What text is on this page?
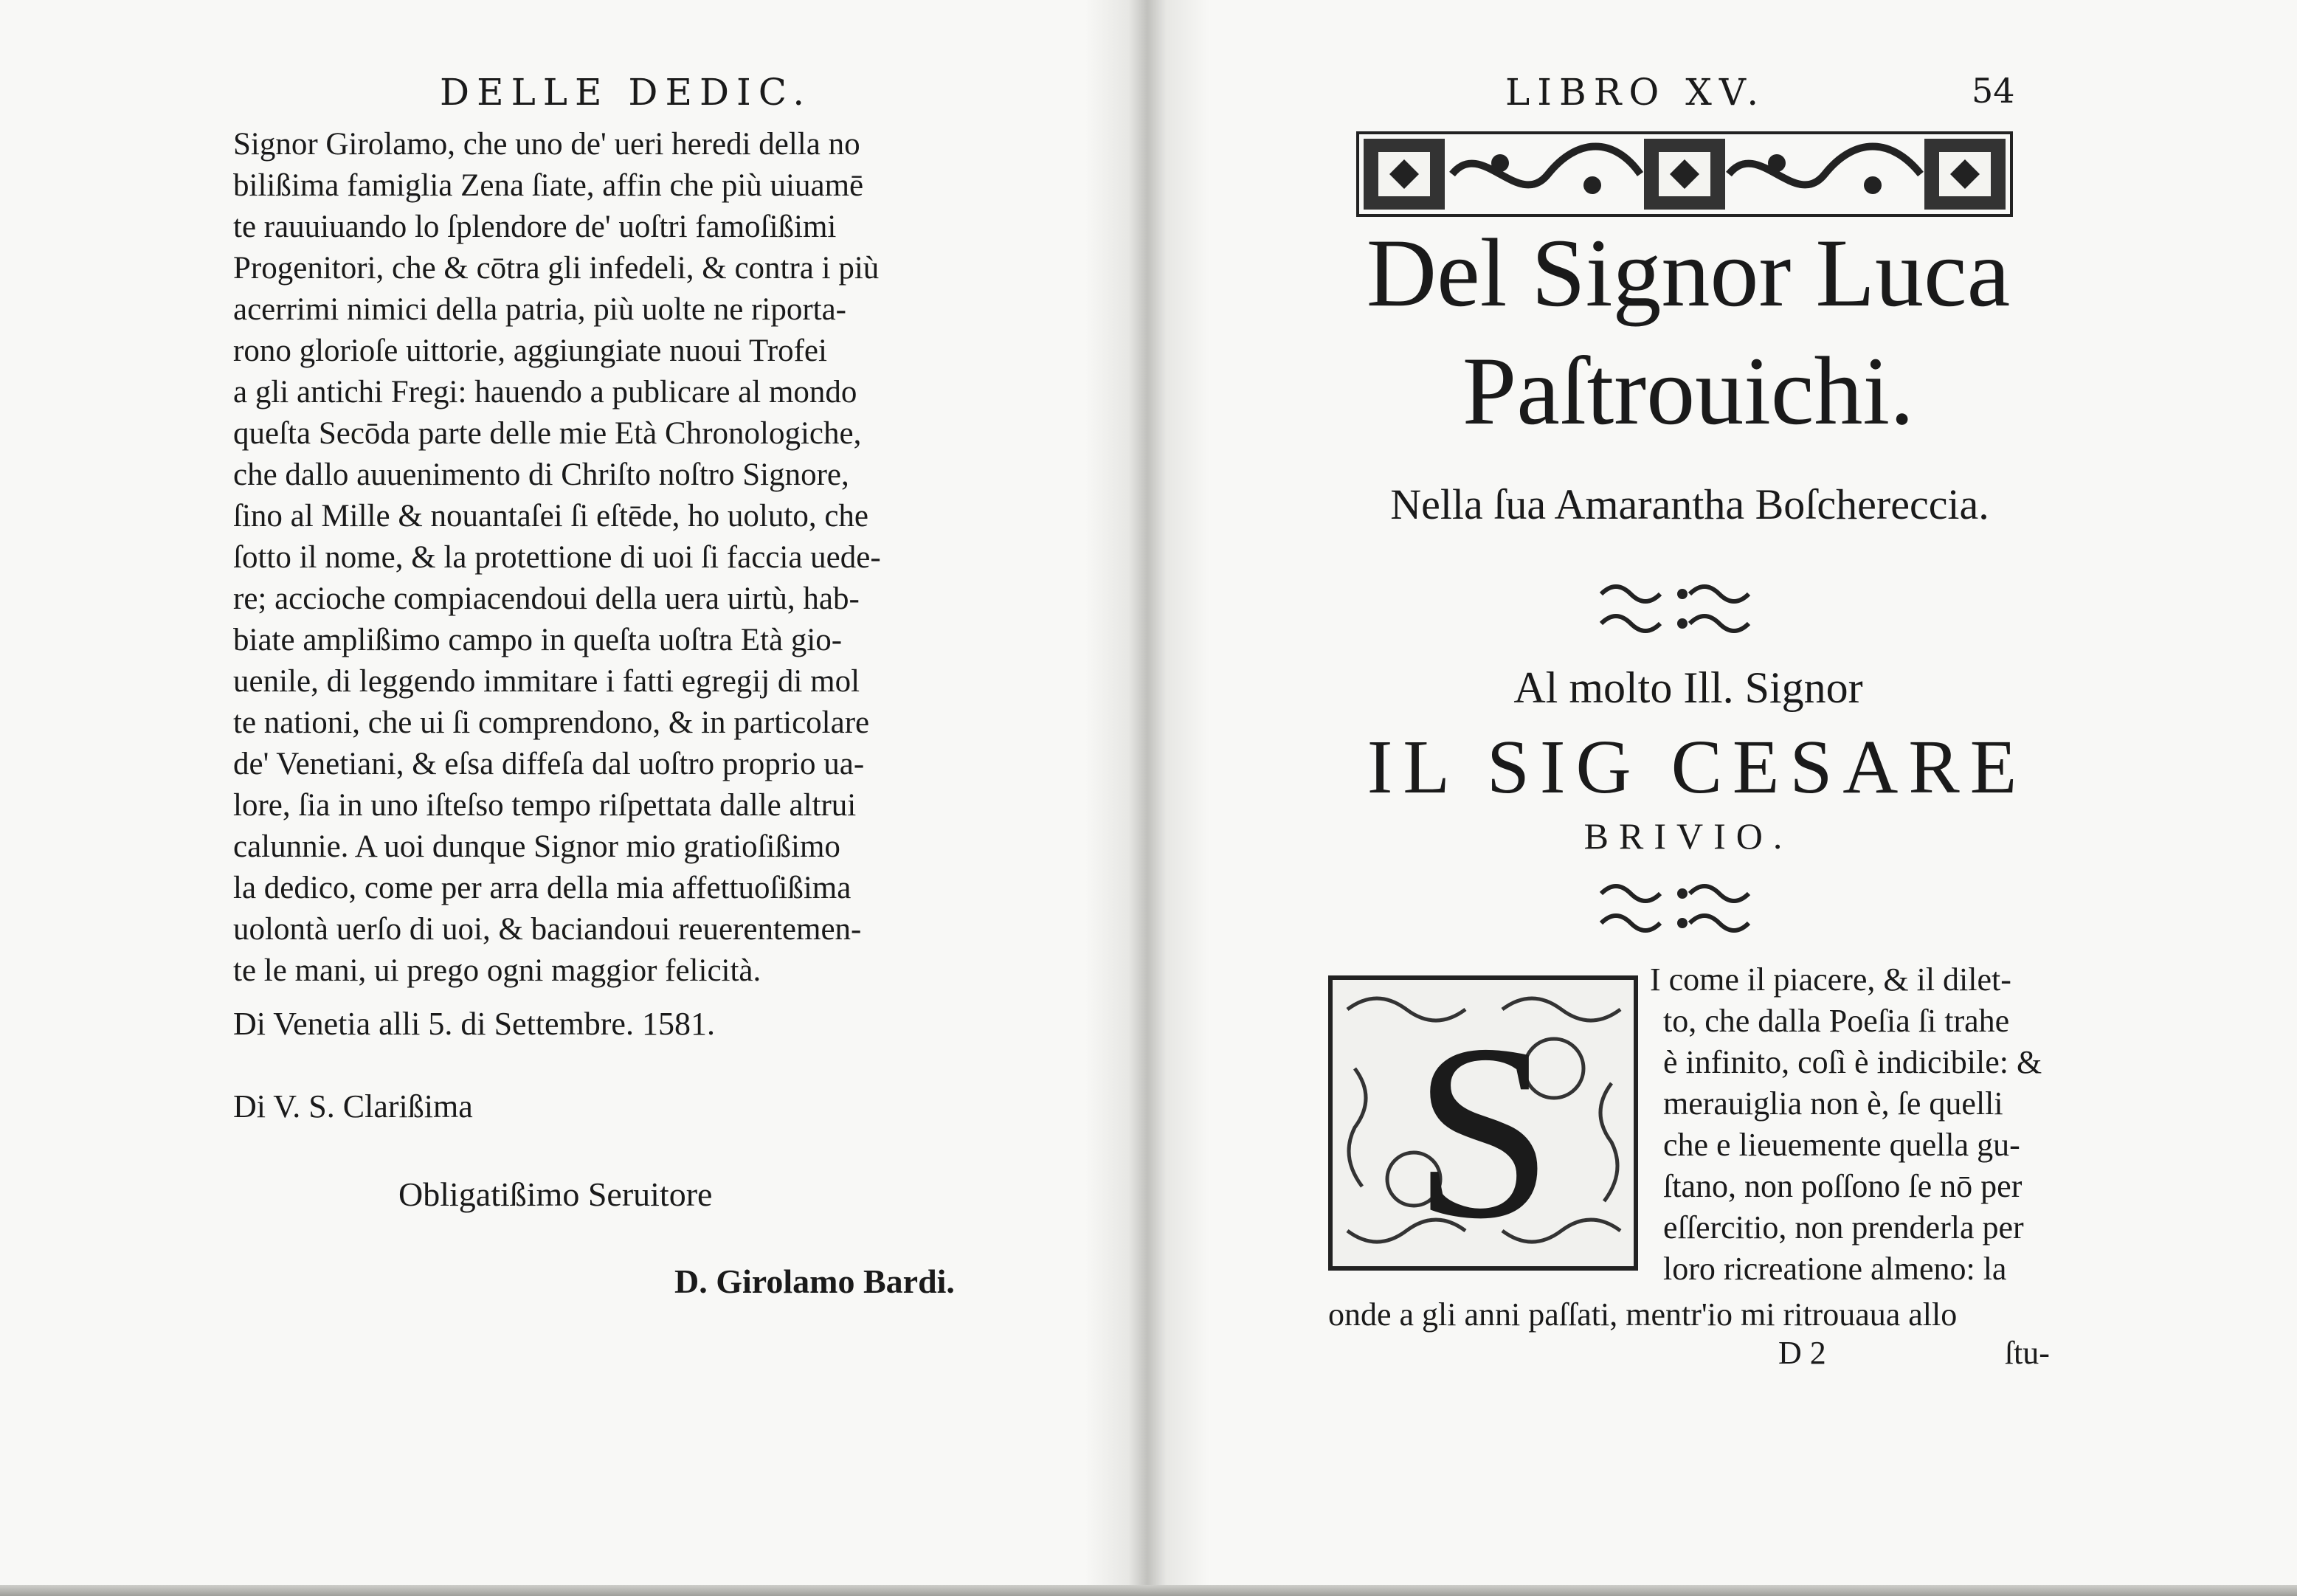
DELLE DEDIC.
Signor Girolamo, che uno de' ueri heredi della no
bilißima famiglia Zena ſiate, affin che più uiuamē
te rauuiuando lo ſplendore de' uoſtri famoſißimi
Progenitori, che & cōtra gli infedeli, & contra i più
acerrimi nimici della patria, più uolte ne riporta-
rono glorioſe uittorie, aggiungiate nuoui Trofei
a gli antichi Fregi: hauendo a publicare al mondo
queſta Secōda parte delle mie Età Chronologiche,
che dallo auuenimento di Chriſto noſtro Signore,
ſino al Mille & nouantaſei ſi eſtēde, ho uoluto, che
ſotto il nome, & la protettione di uoi ſi faccia uede-
re; accioche compiacendoui della uera uirtù, hab-
biate amplißimo campo in queſta uoſtra Età gio-
uenile, di leggendo immitare i fatti egregij di mol
te nationi, che ui ſi comprendono, & in particolare
de' Venetiani, & eſsa diffeſa dal uoſtro proprio ua-
lore, ſia in uno iſteſso tempo riſpettata dalle altrui
calunnie. A uoi dunque Signor mio gratioſißimo
la dedico, come per arra della mia affettuoſißima
uolontà uerſo di uoi, & baciandoui reuerentemen-
te le mani, ui prego ogni maggior felicità.
Di Venetia alli 5. di Settembre. 1581.
Di V. S. Clarißima
Obligatißimo Seruitore
D. Girolamo Bardi.
LIBRO XV.	54
Del Signor Luca
Paſtrouichi.
Nella ſua Amarantha Boſchereccia.
Al molto Ill. Signor
IL SIG CESARE
BRIVIO.
S
I come il piacere, & il dilet-
to, che dalla Poeſia ſi trahe
è infinito, coſì è indicibile: &
merauiglia non è, ſe quelli
che e lieuemente quella gu-
ſtano, non poſſono ſe nō per
eſſercitio, non prenderla per
loro ricreatione almeno: la
onde a gli anni paſſati, mentr'io mi ritrouaua allo
D 2	ſtu-
